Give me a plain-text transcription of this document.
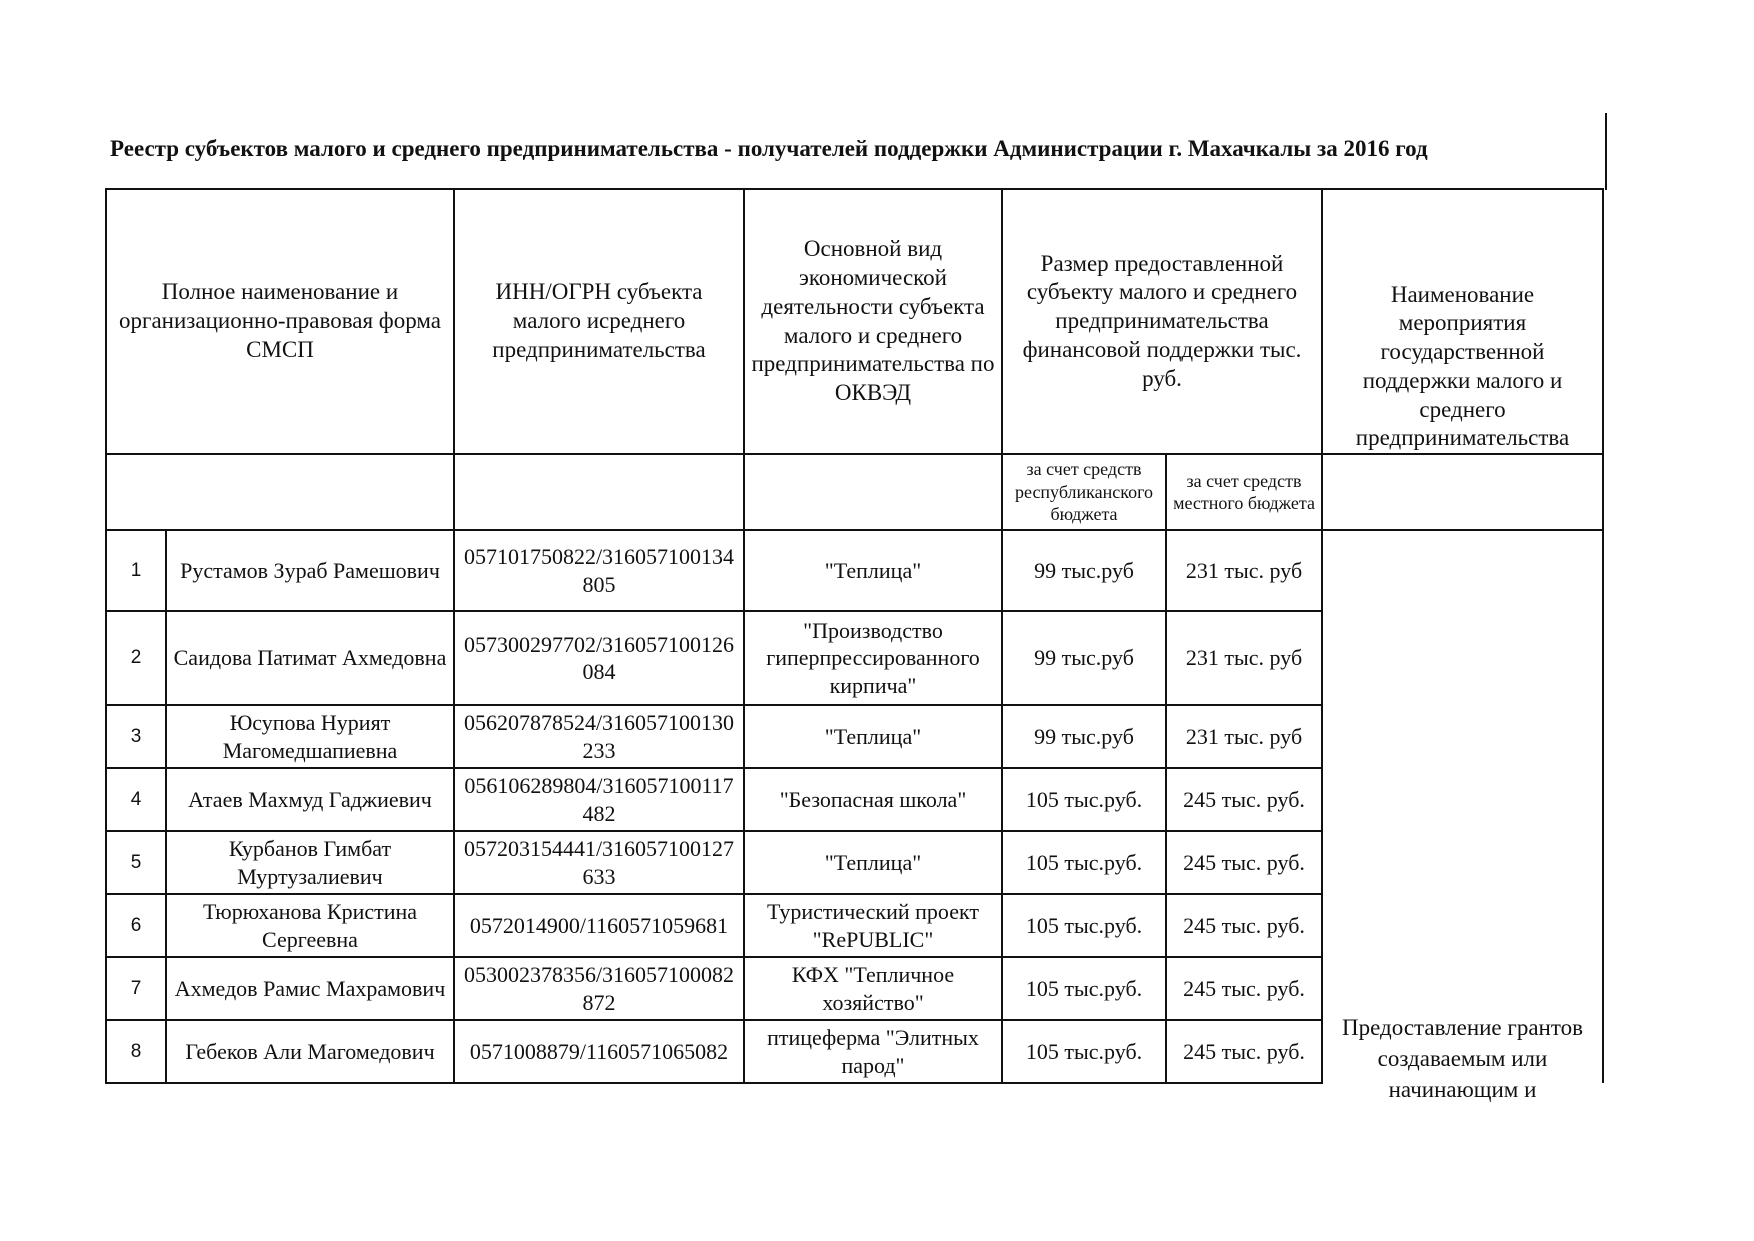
Реестр субъектов малого и среднего предпринимательства - получателей поддержки Администрации г. Махачкалы за 2016 год
Полное наименование и организационно-правовая форма СМСП		ИНН/ОГРН субъекта малого исреднего предпринимательства	Основной вид экономической деятельности субъекта малого и среднего предпринимательства по ОКВЭД	Размер предоставленной субъекту малого и среднего предпринимательства финансовой поддержки тыс. руб.		Наименование мероприятия государственной поддержки малого и среднего предпринимательства
				за счет средств республиканского бюджета	за счет средств местного бюджета	
1	Рустамов Зураб Рамешович	057101750822/316057100134805	"Теплица"	99 тыс.руб	231 тыс. руб	Предоставление грантов создаваемым или начинающим и

2	Саидова Патимат Ахмедовна	057300297702/316057100126084	"Производство гиперпрессированного кирпича"	99 тыс.руб	231 тыс. руб	
3	Юсупова Нурият Магомедшапиевна	056207878524/316057100130233	"Теплица"	99 тыс.руб	231 тыс. руб	
4	Атаев Махмуд Гаджиевич	056106289804/316057100117482	"Безопасная школа"	105 тыс.руб.	245 тыс. руб.	
5	Курбанов Гимбат Муртузалиевич	057203154441/316057100127633	"Теплица"	105 тыс.руб.	245 тыс. руб.	
6	Тюрюханова Кристина Сергеевна	0572014900/1160571059681	Туристический проект "RePUBLIC"	105 тыс.руб.	245 тыс. руб.	
7	Ахмедов Рамис Махрамович	053002378356/316057100082872	КФХ "Тепличное хозяйство"	105 тыс.руб.	245 тыс. руб.	
8	Гебеков Али Магомедович	0571008879/1160571065082	птицеферма "Элитных парод"	105 тыс.руб.	245 тыс. руб.	
